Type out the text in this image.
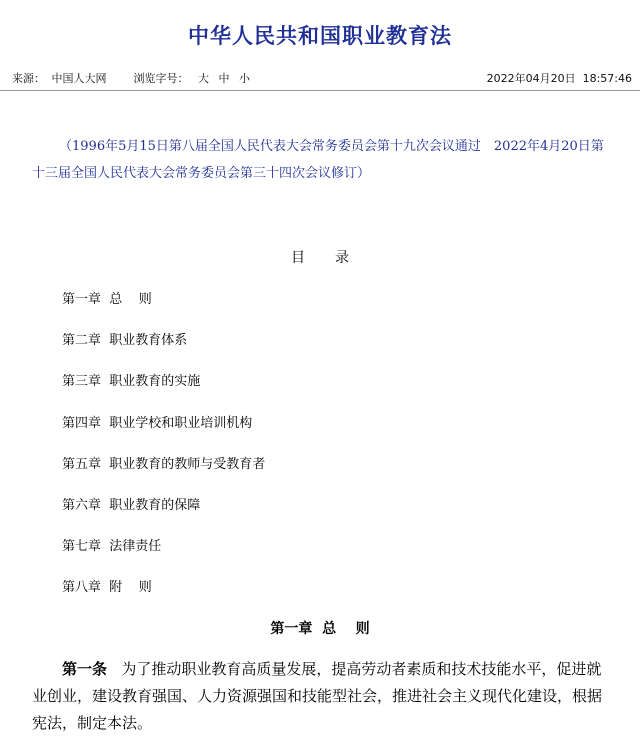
中华人民共和国职业教育法
来源： 中国人大网 浏览字号： 大 中 小	2022年04月20日  18:57:46
（1996年5月15日第八届全国人民代表大会常务委员会第十九次会议通过　2022年4月20日第十三届全国人民代表大会常务委员会第三十四次会议修订）
目录
第一章  总    则
第二章  职业教育体系
第三章  职业教育的实施
第四章  职业学校和职业培训机构
第五章  职业教育的教师与受教育者
第六章  职业教育的保障
第七章  法律责任
第八章  附    则
第一章  总    则
第一条 为了推动职业教育高质量发展，提高劳动者素质和技术技能水平，促进就业创业，建设教育强国、人力资源强国和技能型社会，推进社会主义现代化建设，根据宪法，制定本法。
